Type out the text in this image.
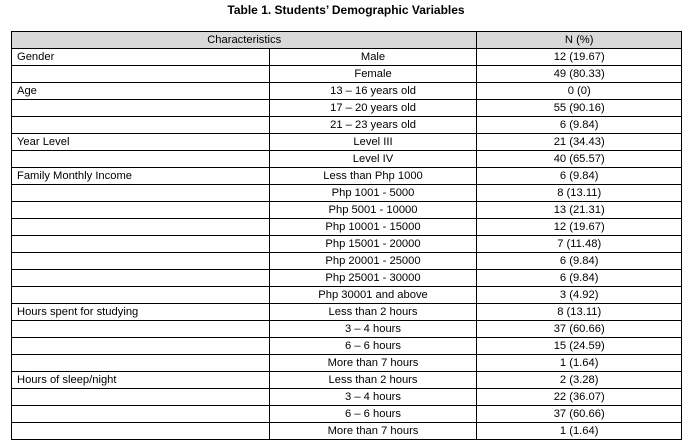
Table 1. Students’ Demographic Variables
Characteristics		N (%)
Gender	Male	12 (19.67)
	Female	49 (80.33)
Age	13 – 16 years old	0 (0)
	17 – 20 years old	55 (90.16)
	21 – 23 years old	6 (9.84)
Year Level	Level III	21 (34.43)
	Level IV	40 (65.57)
Family Monthly Income	Less than Php 1000	6 (9.84)
	Php 1001 - 5000	8 (13.11)
	Php 5001 - 10000	13 (21.31)
	Php 10001 - 15000	12 (19.67)
	Php 15001 - 20000	7 (11.48)
	Php 20001 - 25000	6 (9.84)
	Php 25001 - 30000	6 (9.84)
	Php 30001 and above	3 (4.92)
Hours spent for studying	Less than 2 hours	8 (13.11)
	3 – 4 hours	37 (60.66)
	6 – 6 hours	15 (24.59)
	More than 7 hours	1 (1.64)
Hours of sleep/night	Less than 2 hours	2 (3.28)
	3 – 4 hours	22 (36.07)
	6 – 6 hours	37 (60.66)
	More than 7 hours	1 (1.64)
